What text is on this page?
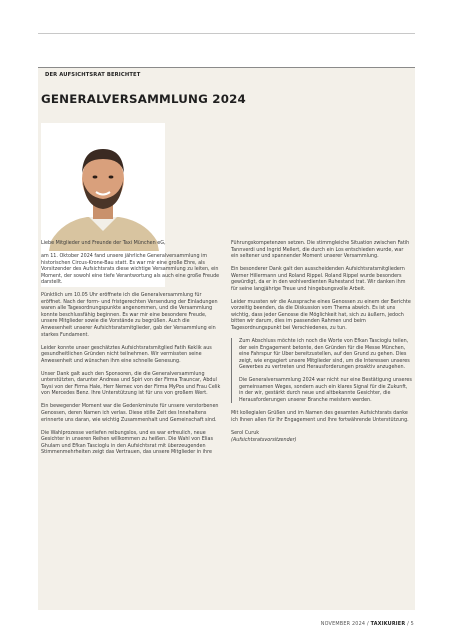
DER AUFSICHTSRAT BERICHTET
GENERALVERSAMMLUNG 2024

Liebe Mitglieder und Freunde der Taxi München eG,

am 11. Oktober 2024 fand unsere jährliche Generalversammlung im historischen Circus-Krone-Bau statt. Es war mir eine große Ehre, als Vorsitzender des Aufsichtsrats diese wichtige Versammlung zu leiten, ein Moment, der sowohl eine tiefe Verantwortung als auch eine große Freude darstellt.

Pünktlich um 10.05 Uhr eröffnete ich die Generalversammlung für eröffnet. Nach der form- und fristgerechten Versendung der Einladungen waren alle Tagesordnungspunkte angenommen, und die Versammlung konnte beschlussfähig beginnen. Es war mir eine besondere Freude, unsere Mitglieder sowie die Vorstände zu begrüßen. Auch die Anwesenheit unserer Aufsichtsratsmitglieder, gab der Versammlung ein starkes Fundament.

Leider konnte unser geschätztes Aufsichtsratsmitglied Fatih Keklik aus gesundheitlichen Gründen nicht teilnehmen. Wir vermissten seine Anwesenheit und wünschen ihm eine schnelle Genesung.

Unser Dank galt auch den Sponsoren, die die Generalversammlung unterstützten, darunter Andreas und Spiri von der Firma Trauncar, Abdul Taysi von der Firma Hale, Herr Nemec von der Firma MyPos und Frau Celik von Mercedes Benz. Ihre Unterstützung ist für uns von großem Wert.

Ein bewegender Moment war die Gedenkminute für unsere verstorbenen Genossen, deren Namen ich verlas. Diese stille Zeit des Innehaltens erinnerte uns daran, wie wichtig Zusammenhalt und Gemeinschaft sind.

Die Wahlprozesse verliefen reibungslos, und es war erfreulich, neue Gesichter in unseren Reihen willkommen zu heißen. Die Wahl von Elias Ghulam und Efkan Tascioglu in den Aufsichtsrat mit überzeugenden Stimmenmehrheiten zeigt das Vertrauen, das unsere Mitglieder in ihre

Führungskompetenzen setzen. Die stimmgleiche Situation zwischen Fatih Tanrıverdi und Ingrid Mellert, die durch ein Los entschieden wurde, war ein seltener und spannender Moment unserer Versammlung.

Ein besonderer Dank galt den ausscheidenden Aufsichtsratsmitgliedern Werner Hillermann und Roland Rippel. Roland Rippel wurde besonders gewürdigt, da er in den wohlverdienten Ruhestand trat. Wir danken ihm für seine langjährige Treue und hingebungsvolle Arbeit.

Leider mussten wir die Aussprache eines Genossen zu einem der Berichte vorzeitig beenden, da die Diskussion vom Thema abwich. Es ist uns wichtig, dass jeder Genosse die Möglichkeit hat, sich zu äußern, jedoch bitten wir darum, dies im passenden Rahmen und beim Tagesordnungspunkt bei Verschiedenes, zu tun.

Zum Abschluss möchte ich noch die Worte von Efkan Tascioglu teilen, der sein Engagement betonte, den Gründen für die Messe München, eine Fahrspur für Uber bereitzustellen, auf den Grund zu gehen. Dies zeigt, wie engagiert unsere Mitglieder sind, um die Interessen unseres Gewerbes zu vertreten und Herausforderungen proaktiv anzugehen.

Die Generalversammlung 2024 war nicht nur eine Bestätigung unseres gemeinsamen Weges, sondern auch ein klares Signal für die Zukunft, in der wir, gestärkt durch neue und altbekannte Gesichter, die Herausforderungen unserer Branche meistern werden.

Mit kollegialen Grüßen und im Namen des gesamten Aufsichtsrats danke ich Ihnen allen für Ihr Engagement und Ihre fortwährende Unterstützung.

Serol Curuk

(Aufsichtsratsvorsitzender)

NOVEMBER 2024 / TAXIKURIER / 5
